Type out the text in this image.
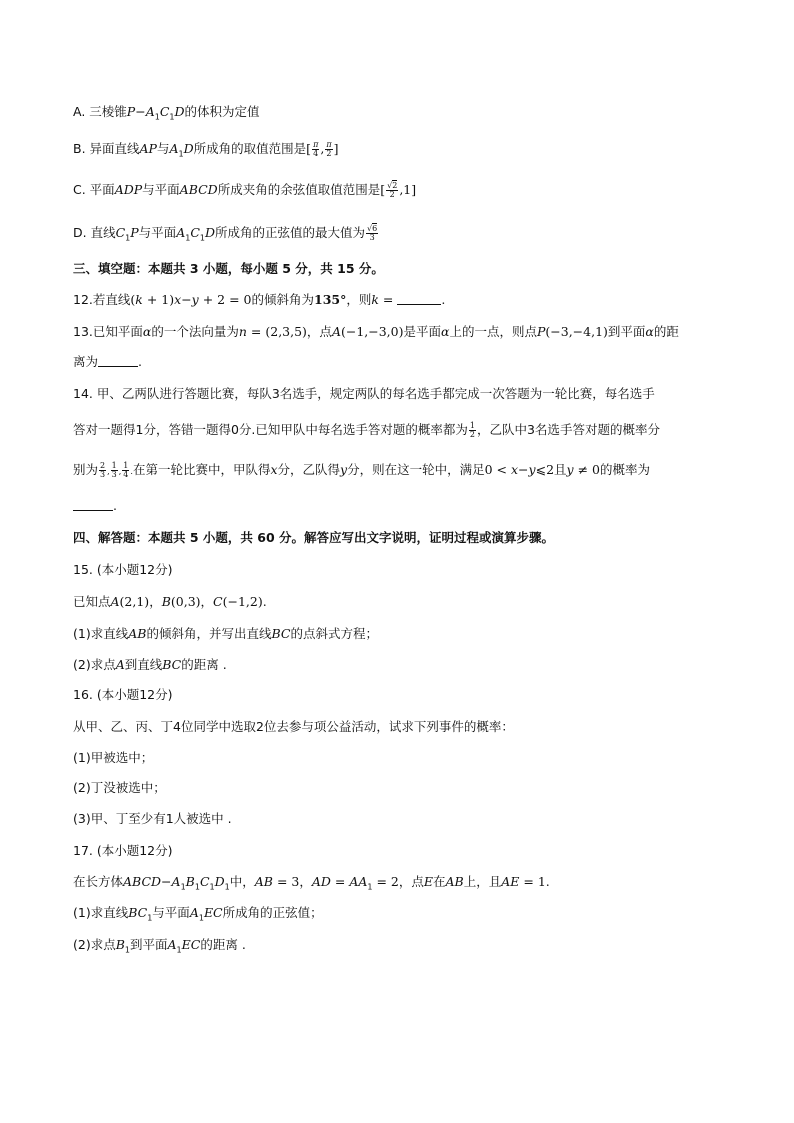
A. 三棱锥$P-A_1C_1D$的体积为定值
B. 异面直线AP与$A_1D$所成角的取值范围是[ $\frac{\pi}{4}$ , $\frac{\pi}{2}$ ]
C. 平面ADP与平面ABCD所成夹角的余弦值取值范围是[ $\frac{√2}{2} ,1$]
D. 直线$C_1P$与平面$A_1C_1D$所成角的正弦值的最大值为 $\frac{√6}{3}$
三、填空题：本题共 3 小题，每小题 5 分，共 15 分。
12.若直线(k + 1)x−y + 2 = 0的倾斜角为135°，则k =	.
13.已知平面α的一个法向量为n = (2,3,5)，点A(−1,−3,0)是平面α上的一点，则点P(−3,−4,1)到平面α的距
离为	.
14. 甲、乙两队进行答题比赛，每队3名选手，规定两队的每名选手都完成一次答题为一轮比赛，每名选手
答对一题得1分，答错一题得0分.已知甲队中每名选手答对题的概率都为 $\frac{1}{2}$ ，乙队中3名选手答对题的概率分
别为 $\frac{2}{3}$ , $\frac{1}{3}$ , $\frac{1}{4}$ .在第一轮比赛中，甲队得x分，乙队得y分，则在这一轮中，满足0 < x−y⩽2且y ≠ 0的概率为
.
四、解答题：本题共 5 小题，共 60 分。解答应写出文字说明，证明过程或演算步骤。
15. (本小题12分)
已知点A(2,1)，B(0,3)，C(−1,2).
(1)求直线AB的倾斜角，并写出直线BC的点斜式方程；
(2)求点A到直线BC的距离 .
16. (本小题12分)
从甲、乙、丙、丁4位同学中选取2位去参与项公益活动，试求下列事件的概率：
(1)甲被选中；
(2)丁没被选中；
(3)甲、丁至少有1人被选中 .
17. (本小题12分)
在长方体$ABCD-A_1B_1C_1D_1$中，AB = 3，AD = $AA_1 = 2$，点E在AB上，且AE = 1.
(1)求直线$BC_1$与平面$A_1EC$所成角的正弦值；
(2)求点$B_1$到平面$A_1EC$的距离 .
